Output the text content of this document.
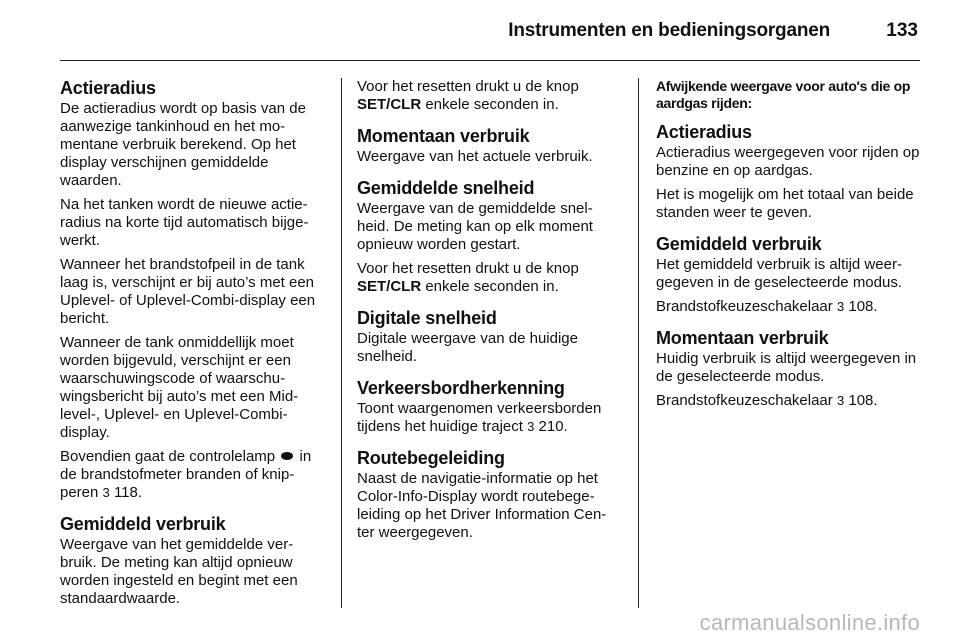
Instrumenten en bedieningsorganen	133
Actieradius

De actieradius wordt op basis van de aanwezige tankinhoud en het mo-mentane verbruik berekend. Op het display verschijnen gemiddelde waarden.

Na het tanken wordt de nieuwe actie-radius na korte tijd automatisch bijge-werkt.

Wanneer het brandstofpeil in de tank laag is, verschijnt er bij auto’s met een Uplevel- of Uplevel-Combi-display een bericht.

Wanneer de tank onmiddellijk moet worden bijgevuld, verschijnt er een waarschuwingscode of waarschu-wingsbericht bij auto’s met een Mid-level-, Uplevel- en Uplevel-Combi-display.

Bovendien gaat de controlelamp in de brandstofmeter branden of knip-peren 3 118.

Gemiddeld verbruik

Weergave van het gemiddelde ver-bruik. De meting kan altijd opnieuw worden ingesteld en begint met een standaardwaarde.

Voor het resetten drukt u de knop SET/CLR enkele seconden in.

Momentaan verbruik

Weergave van het actuele verbruik.

Gemiddelde snelheid

Weergave van de gemiddelde snel-heid. De meting kan op elk moment opnieuw worden gestart.

Voor het resetten drukt u de knop SET/CLR enkele seconden in.

Digitale snelheid

Digitale weergave van de huidige snelheid.

Verkeersbordherkenning

Toont waargenomen verkeersborden tijdens het huidige traject 3 210.

Routebegeleiding

Naast de navigatie-informatie op het Color-Info-Display wordt routebege-leiding op het Driver Information Cen-ter weergegeven.

Afwijkende weergave voor auto's die op aardgas rijden:
Actieradius

Actieradius weergegeven voor rijden op benzine en op aardgas.

Het is mogelijk om het totaal van beide standen weer te geven.

Gemiddeld verbruik

Het gemiddeld verbruik is altijd weer-gegeven in de geselecteerde modus.

Brandstofkeuzeschakelaar 3 108.

Momentaan verbruik

Huidig verbruik is altijd weergegeven in de geselecteerde modus.

Brandstofkeuzeschakelaar 3 108.

carmanualsonline.info
